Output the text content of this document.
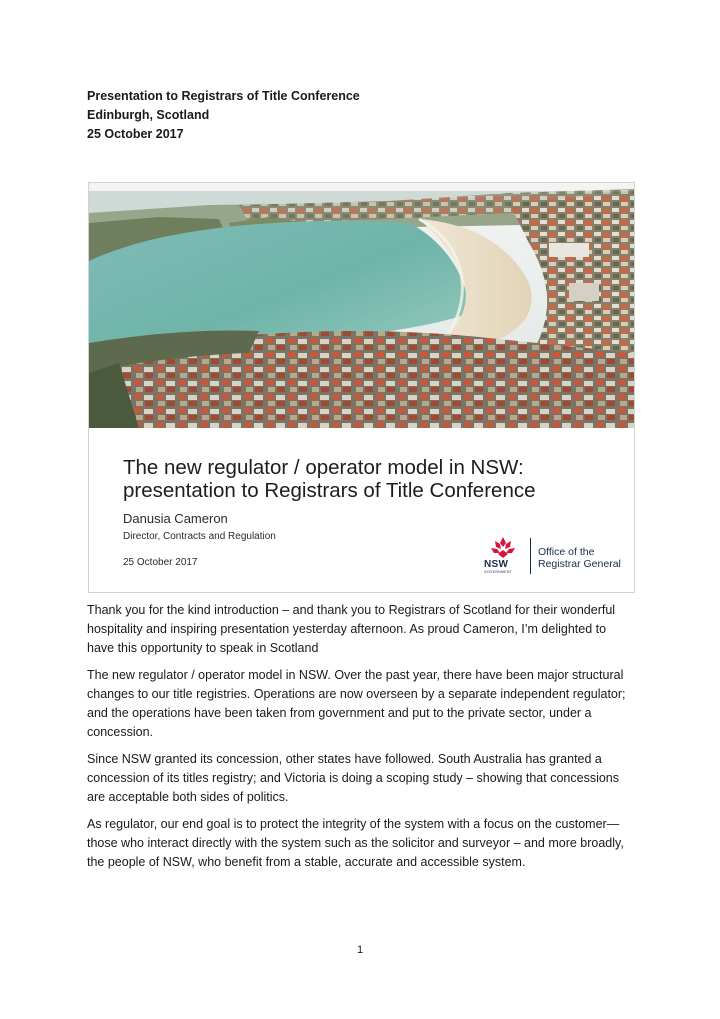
Presentation to Registrars of Title Conference
Edinburgh, Scotland
25 October 2017
The new regulator / operator model in NSW:
presentation to Registrars of Title Conference
Danusia Cameron
Director, Contracts and Regulation
25 October 2017	NSW
GOVERNMENT
Office of the
Registrar General

Thank you for the kind introduction – and thank you to Registrars of Scotland for their wonderful hospitality and inspiring presentation yesterday afternoon. As proud Cameron, I’m delighted to have this opportunity to speak in Scotland

The new regulator / operator model in NSW. Over the past year, there have been major structural changes to our title registries. Operations are now overseen by a separate independent regulator; and the operations have been taken from government and put to the private sector, under a concession.

Since NSW granted its concession, other states have followed. South Australia has granted a concession of its titles registry; and Victoria is doing a scoping study – showing that concessions are acceptable both sides of politics.

As regulator, our end goal is to protect the integrity of the system with a focus on the customer—those who interact directly with the system such as the solicitor and surveyor – and more broadly, the people of NSW, who benefit from a stable, accurate and accessible system.

1
